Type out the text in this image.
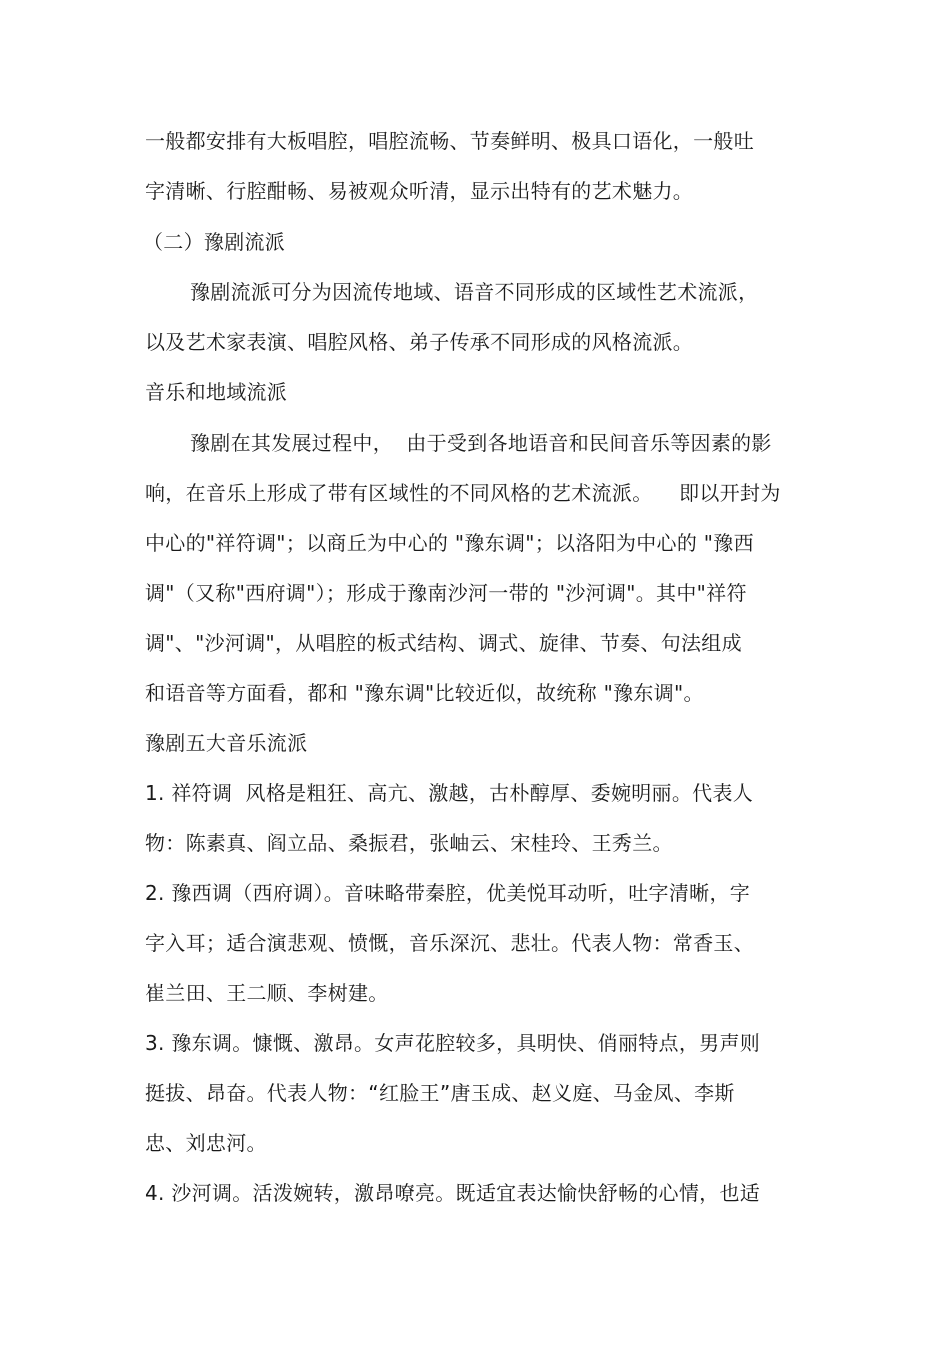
一般都安排有大板唱腔，唱腔流畅、节奏鲜明、极具口语化，一般吐
字清晰、行腔酣畅、易被观众听清，显示出特有的艺术魅力。
（二）豫剧流派
豫剧流派可分为因流传地域、语音不同形成的区域性艺术流派，
以及艺术家表演、唱腔风格、弟子传承不同形成的风格流派。
音乐和地域流派
豫剧在其发展过程中，  由于受到各地语音和民间音乐等因素的影
响，在音乐上形成了带有区域性的不同风格的艺术流派。    即以开封为
中心的"祥符调"；以商丘为中心的 "豫东调"；以洛阳为中心的 "豫西
调"（又称"西府调"）；形成于豫南沙河一带的 "沙河调"。其中"祥符
调"、"沙河调"，从唱腔的板式结构、调式、旋律、节奏、句法组成
和语音等方面看，都和 "豫东调"比较近似，故统称 "豫东调"。
豫剧五大音乐流派
1. 祥符调  风格是粗狂、高亢、激越，古朴醇厚、委婉明丽。代表人
物：陈素真、阎立品、桑振君，张岫云、宋桂玲、王秀兰。
2. 豫西调（西府调）。音味略带秦腔，优美悦耳动听，吐字清晰，字
字入耳；适合演悲观、愤慨，音乐深沉、悲壮。代表人物：常香玉、
崔兰田、王二顺、李树建。
3. 豫东调。慷慨、激昂。女声花腔较多，具明快、俏丽特点，男声则
挺拔、昂奋。代表人物：“红脸王”唐玉成、赵义庭、马金凤、李斯
忠、刘忠河。
4. 沙河调。活泼婉转，激昂嘹亮。既适宜表达愉快舒畅的心情，也适
